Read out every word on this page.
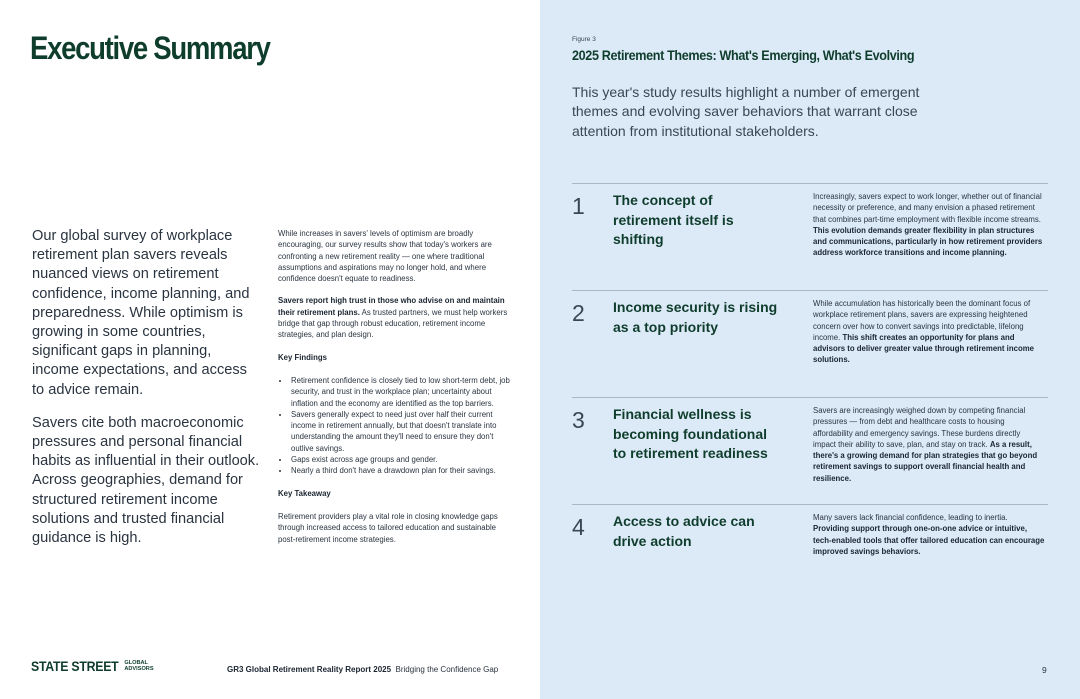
Executive Summary

Our global survey of workplace retirement plan savers reveals nuanced views on retirement confidence, income planning, and preparedness. While optimism is growing in some countries, significant gaps in planning, income expectations, and access to advice remain.

Savers cite both macroeconomic pressures and personal financial habits as influential in their outlook. Across geographies, demand for structured retirement income solutions and trusted financial guidance is high.

While increases in savers' levels of optimism are broadly encouraging, our survey results show that today's workers are confronting a new retirement reality — one where traditional assumptions and aspirations may no longer hold, and where confidence doesn't equate to readiness.

Savers report high trust in those who advise on and maintain their retirement plans. As trusted partners, we must help workers bridge that gap through robust education, retirement income strategies, and plan design.

Key Findings
• Retirement confidence is closely tied to low short-term debt, job security, and trust in the workplace plan; uncertainty about inflation and the economy are identified as the top barriers.
• Savers generally expect to need just over half their current income in retirement annually, but that doesn't translate into understanding the amount they'll need to ensure they don't outlive savings.
• Gaps exist across age groups and gender.
• Nearly a third don't have a drawdown plan for their savings.
Key Takeaway

Retirement providers play a vital role in closing knowledge gaps through increased access to tailored education and sustainable post-retirement income strategies.

STATE STREET GLOBAL
ADVISORS	GR3 Global Retirement Reality Report 2025 Bridging the Confidence Gap
Figure 3
2025 Retirement Themes: What's Emerging, What's Evolving

This year's study results highlight a number of emergent themes and evolving saver behaviors that warrant close attention from institutional stakeholders.

1 The concept of retirement itself is shifting
Increasingly, savers expect to work longer, whether out of financial necessity or preference, and many envision a phased retirement that combines part-time employment with flexible income streams. This evolution demands greater flexibility in plan structures and communications, particularly in how retirement providers address workforce transitions and income planning.
2 Income security is rising as a top priority
While accumulation has historically been the dominant focus of workplace retirement plans, savers are expressing heightened concern over how to convert savings into predictable, lifelong income. This shift creates an opportunity for plans and advisors to deliver greater value through retirement income solutions.
3 Financial wellness is becoming foundational to retirement readiness
Savers are increasingly weighed down by competing financial pressures — from debt and healthcare costs to housing affordability and emergency savings. These burdens directly impact their ability to save, plan, and stay on track. As a result, there's a growing demand for plan strategies that go beyond retirement savings to support overall financial health and resilience.
4 Access to advice can drive action
Many savers lack financial confidence, leading to inertia. Providing support through one-on-one advice or intuitive, tech-enabled tools that offer tailored education can encourage improved savings behaviors.
9
